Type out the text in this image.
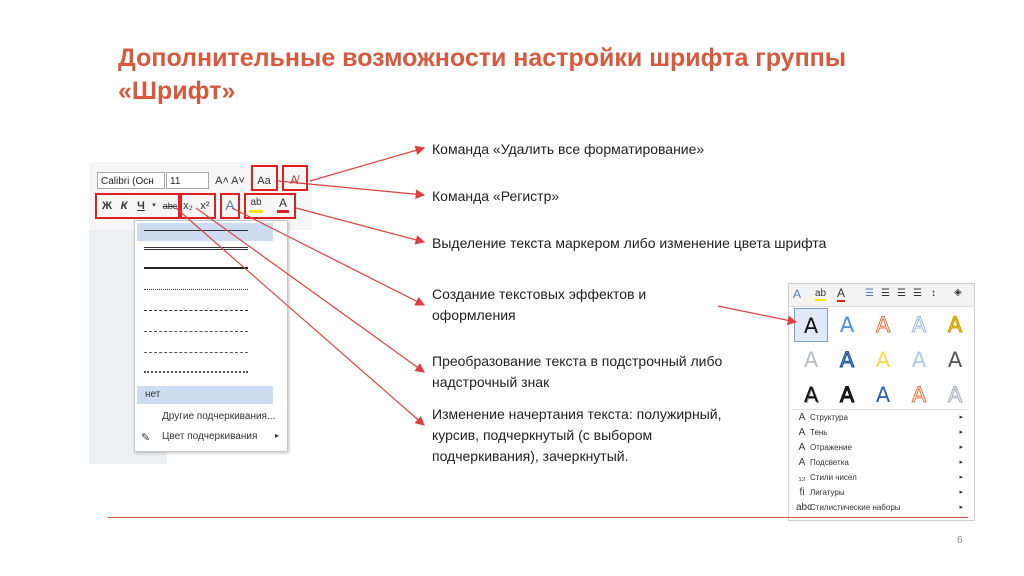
Дополнительные возможности настройки шрифта группы «Шрифт»
Calibri (Осн	11	A˄ A˅ Aa	A̸
Ж К Ч	▾ abc x₂ x² A ab A
нет
Другие подчеркивания...
✎ Цвет подчеркивания ▸
Команда «Удалить все форматирование»
Команда «Регистр»
Выделение текста маркером либо изменение цвета шрифта
Создание текстовых эффектов и оформления
Преобразование текста в подстрочный либо надстрочный знак
Изменение начертания текста: полужирный, курсив, подчеркнутый (с выбором подчеркивания), зачеркнутый.
A ab A ☰ ☰ ☰ ☰ ↕ ◈
A	A	A	A	A
A	A	A	A	A
A	A	A	A	A
A Структура	▸
A Тень	▸
A Отражение	▸
A Подсветка	▸
₁₂ Стили чисел	▸
ﬁ Лигатуры	▸
abc
Стилистические наборы	▸
6
